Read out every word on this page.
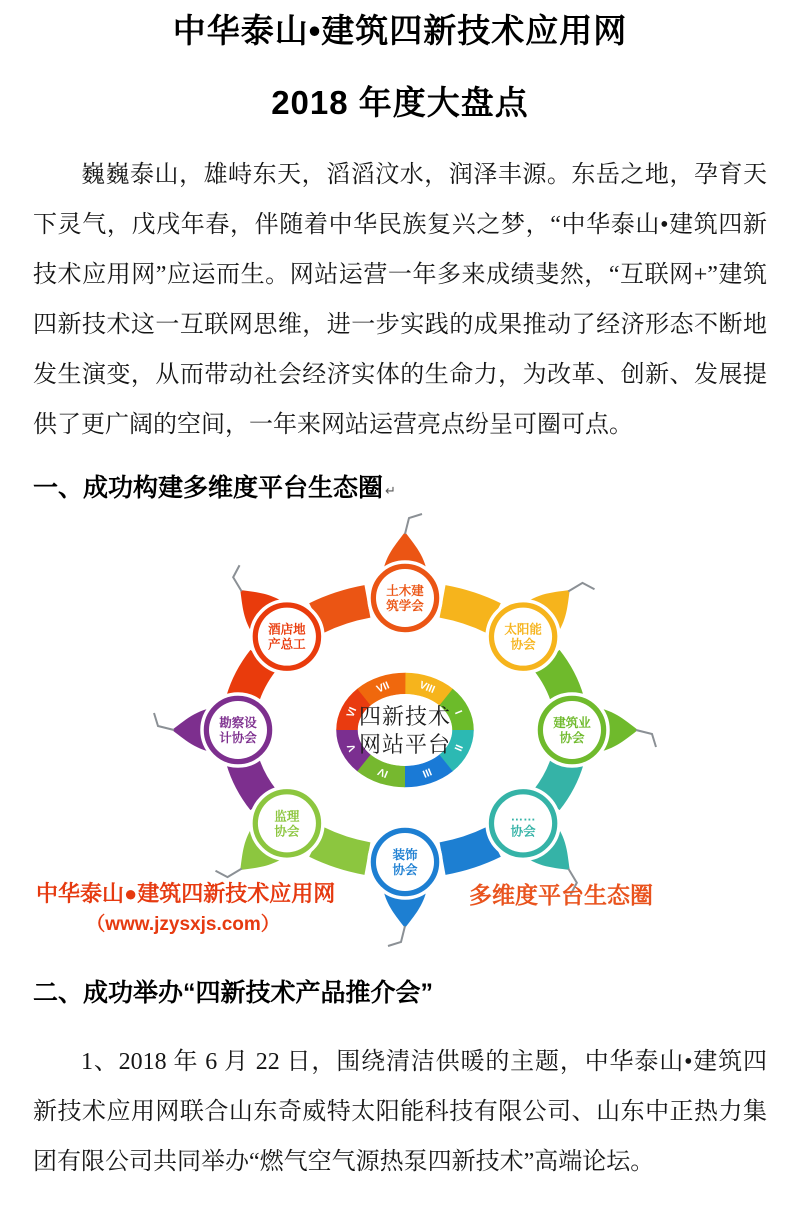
中华泰山•建筑四新技术应用网
2018 年度大盘点

巍巍泰山，雄峙东天，滔滔汶水，润泽丰源。东岳之地，孕育天下灵气，戊戌年春，伴随着中华民族复兴之梦，“中华泰山•建筑四新技术应用网”应运而生。网站运营一年多来成绩斐然，“互联网+”建筑四新技术这一互联网思维，进一步实践的成果推动了经济形态不断地发生演变，从而带动社会经济实体的生命力，为改革、创新、发展提供了更广阔的空间，一年来网站运营亮点纷呈可圈可点。

一、成功构建多维度平台生态圈 ↵
土木建
筑学会
太阳能
协会
建筑业
协会
……
协会
装饰
协会
监理
协会
勘察设
计协会
酒店地
产总工
VIII
I
II
III
IV
V
VI
VII
四新技术
网站平台
中华泰山●建筑四新技术应用网
（www.jzysxjs.com）
多维度平台生态圈
二、成功举办“四新技术产品推介会”

1、2018 年 6 月 22 日，围绕清洁供暖的主题，中华泰山•建筑四新技术应用网联合山东奇威特太阳能科技有限公司、山东中正热力集团有限公司共同举办“燃气空气源热泵四新技术”高端论坛。
